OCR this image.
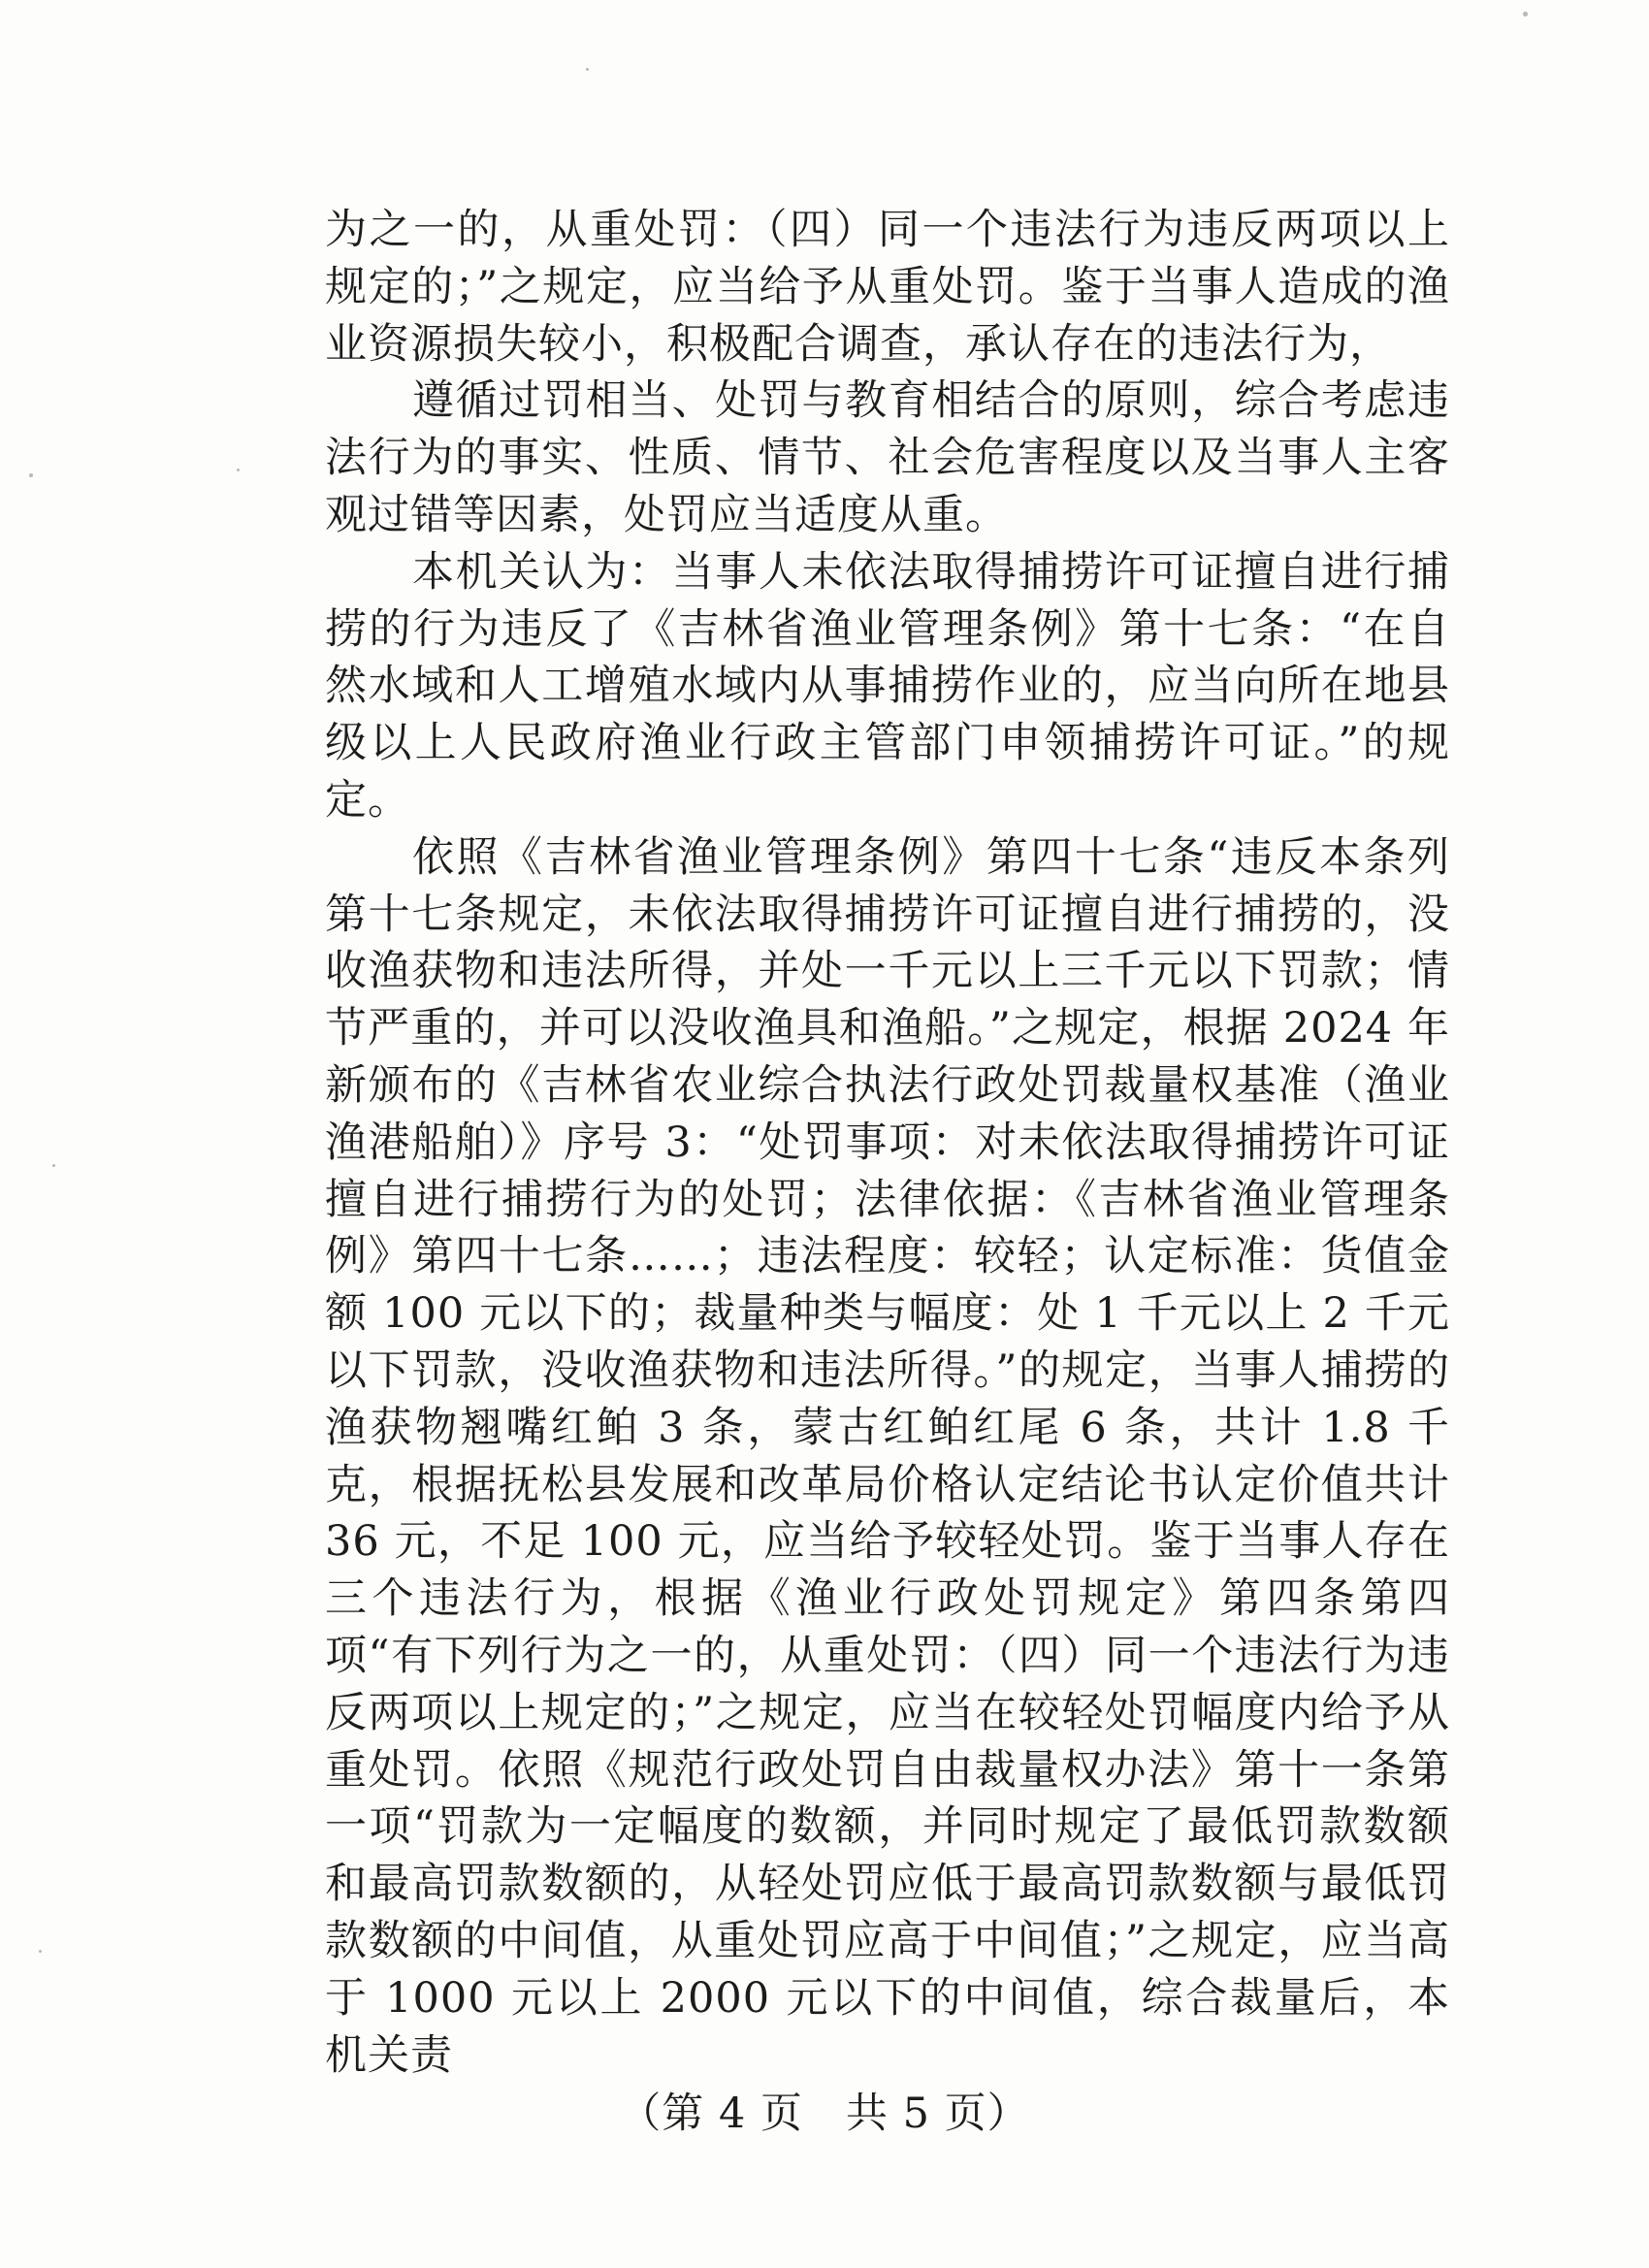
为之一的，从重处罚：（四）同一个违法行为违反两项以上规定的；”之规定，应当给予从重处罚。鉴于当事人造成的渔业资源损失较小，积极配合调查，承认存在的违法行为，

遵循过罚相当、处罚与教育相结合的原则，综合考虑违法行为的事实、性质、情节、社会危害程度以及当事人主客观过错等因素，处罚应当适度从重。

本机关认为：当事人未依法取得捕捞许可证擅自进行捕捞的行为违反了《吉林省渔业管理条例》第十七条：“在自然水域和人工增殖水域内从事捕捞作业的，应当向所在地县级以上人民政府渔业行政主管部门申领捕捞许可证。”的规定。

依照《吉林省渔业管理条例》第四十七条“违反本条列第十七条规定，未依法取得捕捞许可证擅自进行捕捞的，没收渔获物和违法所得，并处一千元以上三千元以下罚款；情节严重的，并可以没收渔具和渔船。”之规定，根据 2024 年新颁布的《吉林省农业综合执法行政处罚裁量权基准（渔业渔港船舶）》序号 3：“处罚事项：对未依法取得捕捞许可证擅自进行捕捞行为的处罚；法律依据：《吉林省渔业管理条例》第四十七条……；违法程度：较轻；认定标准：货值金额 100 元以下的；裁量种类与幅度：处 1 千元以上 2 千元以下罚款，没收渔获物和违法所得。”的规定，当事人捕捞的渔获物翘嘴红鲌 3 条，蒙古红鲌红尾 6 条，共计 1.8 千克，根据抚松县发展和改革局价格认定结论书认定价值共计 36 元，不足 100 元，应当给予较轻处罚。鉴于当事人存在三个违法行为，根据《渔业行政处罚规定》第四条第四项“有下列行为之一的，从重处罚：（四）同一个违法行为违反两项以上规定的；”之规定，应当在较轻处罚幅度内给予从重处罚。依照《规范行政处罚自由裁量权办法》第十一条第一项“罚款为一定幅度的数额，并同时规定了最低罚款数额和最高罚款数额的，从轻处罚应低于最高罚款数额与最低罚款数额的中间值，从重处罚应高于中间值；”之规定，应当高于 1000 元以上 2000 元以下的中间值，综合裁量后，本机关责

（第 4 页　共 5 页）
